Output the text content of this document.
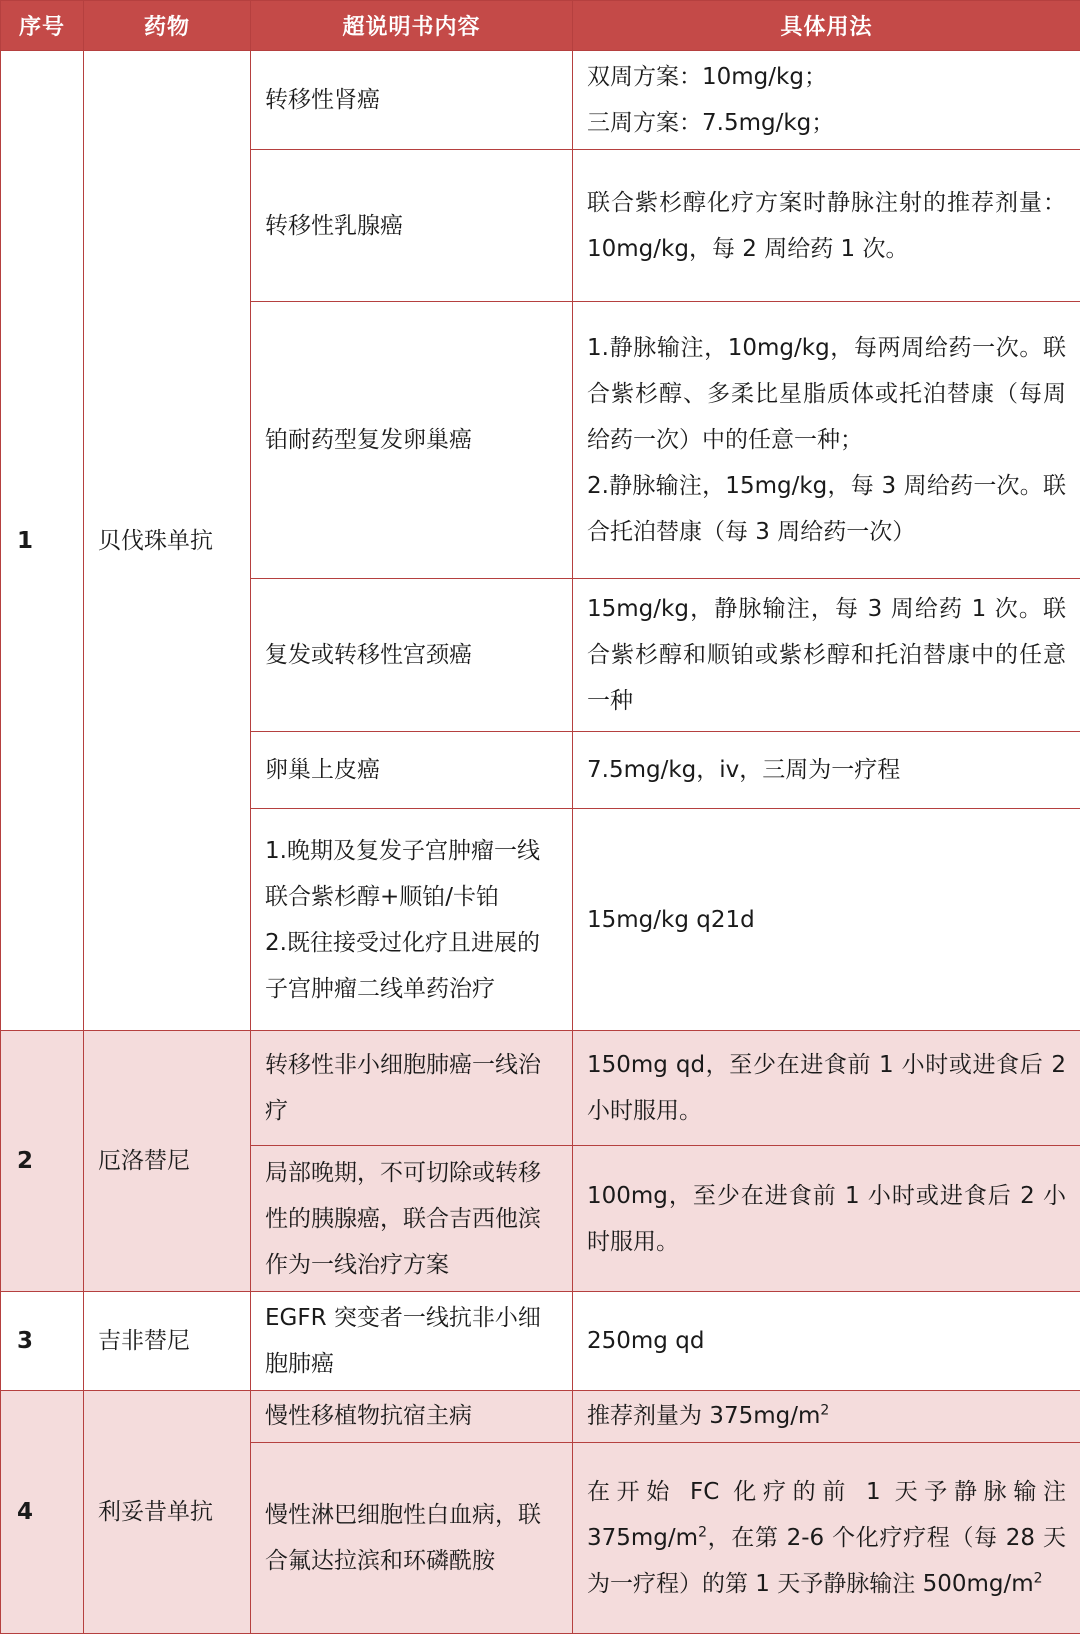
序号	药物	超说明书内容	具体用法
1	贝伐珠单抗	转移性肾癌	双周方案：10mg/kg；
三周方案：7.5mg/kg；

		转移性乳腺癌	联合紫杉醇化疗方案时静脉注射的推荐剂量：10mg/kg，每 2 周给药 1 次。

		铂耐药型复发卵巢癌	1.静脉输注，10mg/kg，每两周给药一次。联合紫杉醇、多柔比星脂质体或托泊替康（每周给药一次）中的任意一种；
2.静脉输注，15mg/kg，每 3 周给药一次。联合托泊替康（每 3 周给药一次）

		复发或转移性宫颈癌	15mg/kg，静脉输注，每 3 周给药 1 次。联合紫杉醇和顺铂或紫杉醇和托泊替康中的任意一种

		卵巢上皮癌	7.5mg/kg，iv，三周为一疗程

		1.晚期及复发子宫肿瘤一线联合紫杉醇+顺铂/卡铂
2.既往接受过化疗且进展的子宫肿瘤二线单药治疗	15mg/kg q21d

2	厄洛替尼	转移性非小细胞肺癌一线治疗	150mg qd，至少在进食前 1 小时或进食后 2 小时服用。

		局部晚期，不可切除或转移性的胰腺癌，联合吉西他滨作为一线治疗方案	100mg，至少在进食前 1 小时或进食后 2 小时服用。

3	吉非替尼	EGFR 突变者一线抗非小细胞肺癌	250mg qd

4	利妥昔单抗	慢性移植物抗宿主病	推荐剂量为 $375mg/m^2$

		慢性淋巴细胞性白血病，联合氟达拉滨和环磷酰胺	在开始 FC 化疗的前 1 天予静脉输注 $375mg/m^2$，在第 2-6 个化疗疗程（每 28 天为一疗程）的第 1 天予静脉输注 $500mg/m^2$
